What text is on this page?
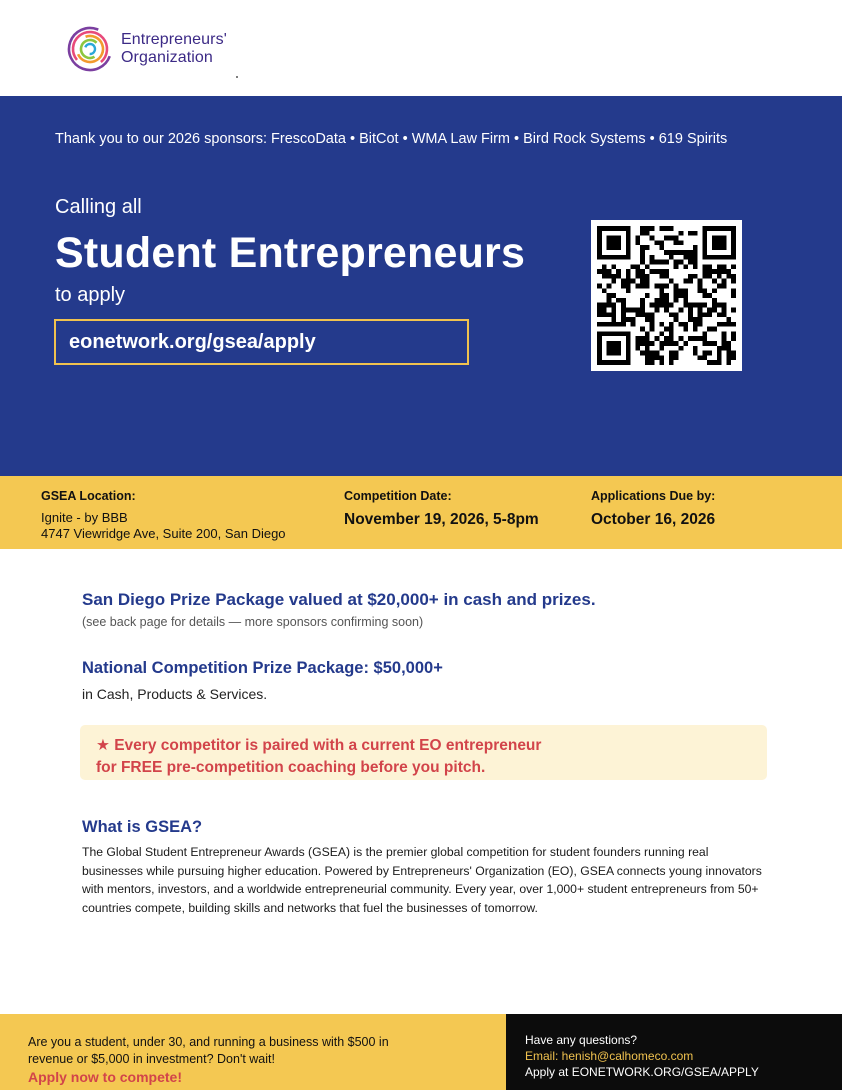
Entrepreneurs'
Organization
Thank you to our 2026 sponsors: FrescoData • BitCot • WMA Law Firm • Bird Rock Systems • 619 Spirits
Calling all
Student Entrepreneurs
to apply
eonetwork.org/gsea/apply
GSEA Location:
Ignite - by BBB
4747 Viewridge Ave, Suite 200, San Diego
Competition Date:
November 19, 2026, 5-8pm
Applications Due by:
October 16, 2026
San Diego Prize Package valued at $20,000+ in cash and prizes.
(see back page for details — more sponsors confirming soon)
National Competition Prize Package: $50,000+
in Cash, Products & Services.
★ Every competitor is paired with a current EO entrepreneur
for FREE pre-competition coaching before you pitch.
What is GSEA?
The Global Student Entrepreneur Awards (GSEA) is the premier global competition for student founders running real businesses while pursuing higher education. Powered by Entrepreneurs' Organization (EO), GSEA connects young innovators with mentors, investors, and a worldwide entrepreneurial community. Every year, over 1,000+ student entrepreneurs from 50+ countries compete, building skills and networks that fuel the businesses of tomorrow.
Are you a student, under 30, and running a business with $500 in
revenue or $5,000 in investment? Don't wait!
Apply now to compete!
Have any questions?
Email: henish@calhomeco.com
Apply at EONETWORK.ORG/GSEA/APPLY
